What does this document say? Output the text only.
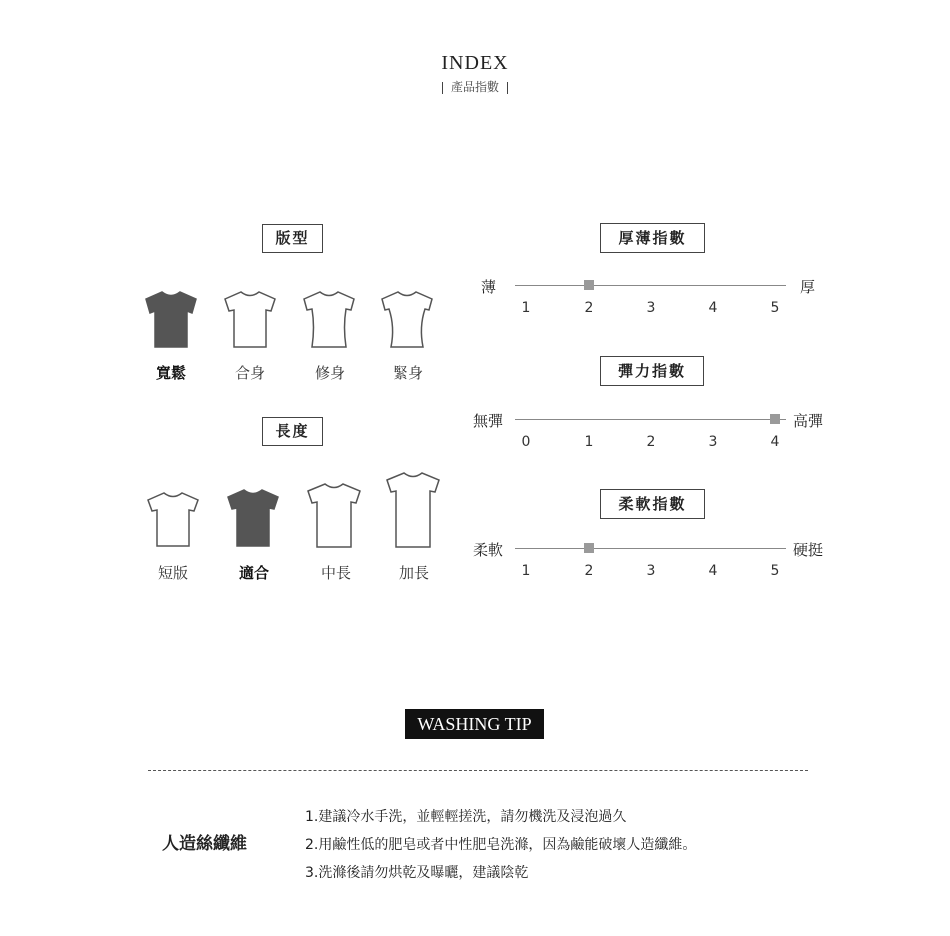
INDEX
產品指數
版型
寬鬆	合身	修身	緊身
長度
短版	適合	中長	加長
厚薄指數
薄	厚
1	2	3	4	5
彈力指數
無彈	高彈
0	1	2	3	4
柔軟指數
柔軟	硬挺
1	2	3	4	5
WASHING TIP
人造絲纖維
1.建議冷水手洗，並輕輕搓洗，請勿機洗及浸泡過久
2.用鹼性低的肥皂或者中性肥皂洗滌，因為鹼能破壞人造纖維。
3.洗滌後請勿烘乾及曝曬，建議陰乾
